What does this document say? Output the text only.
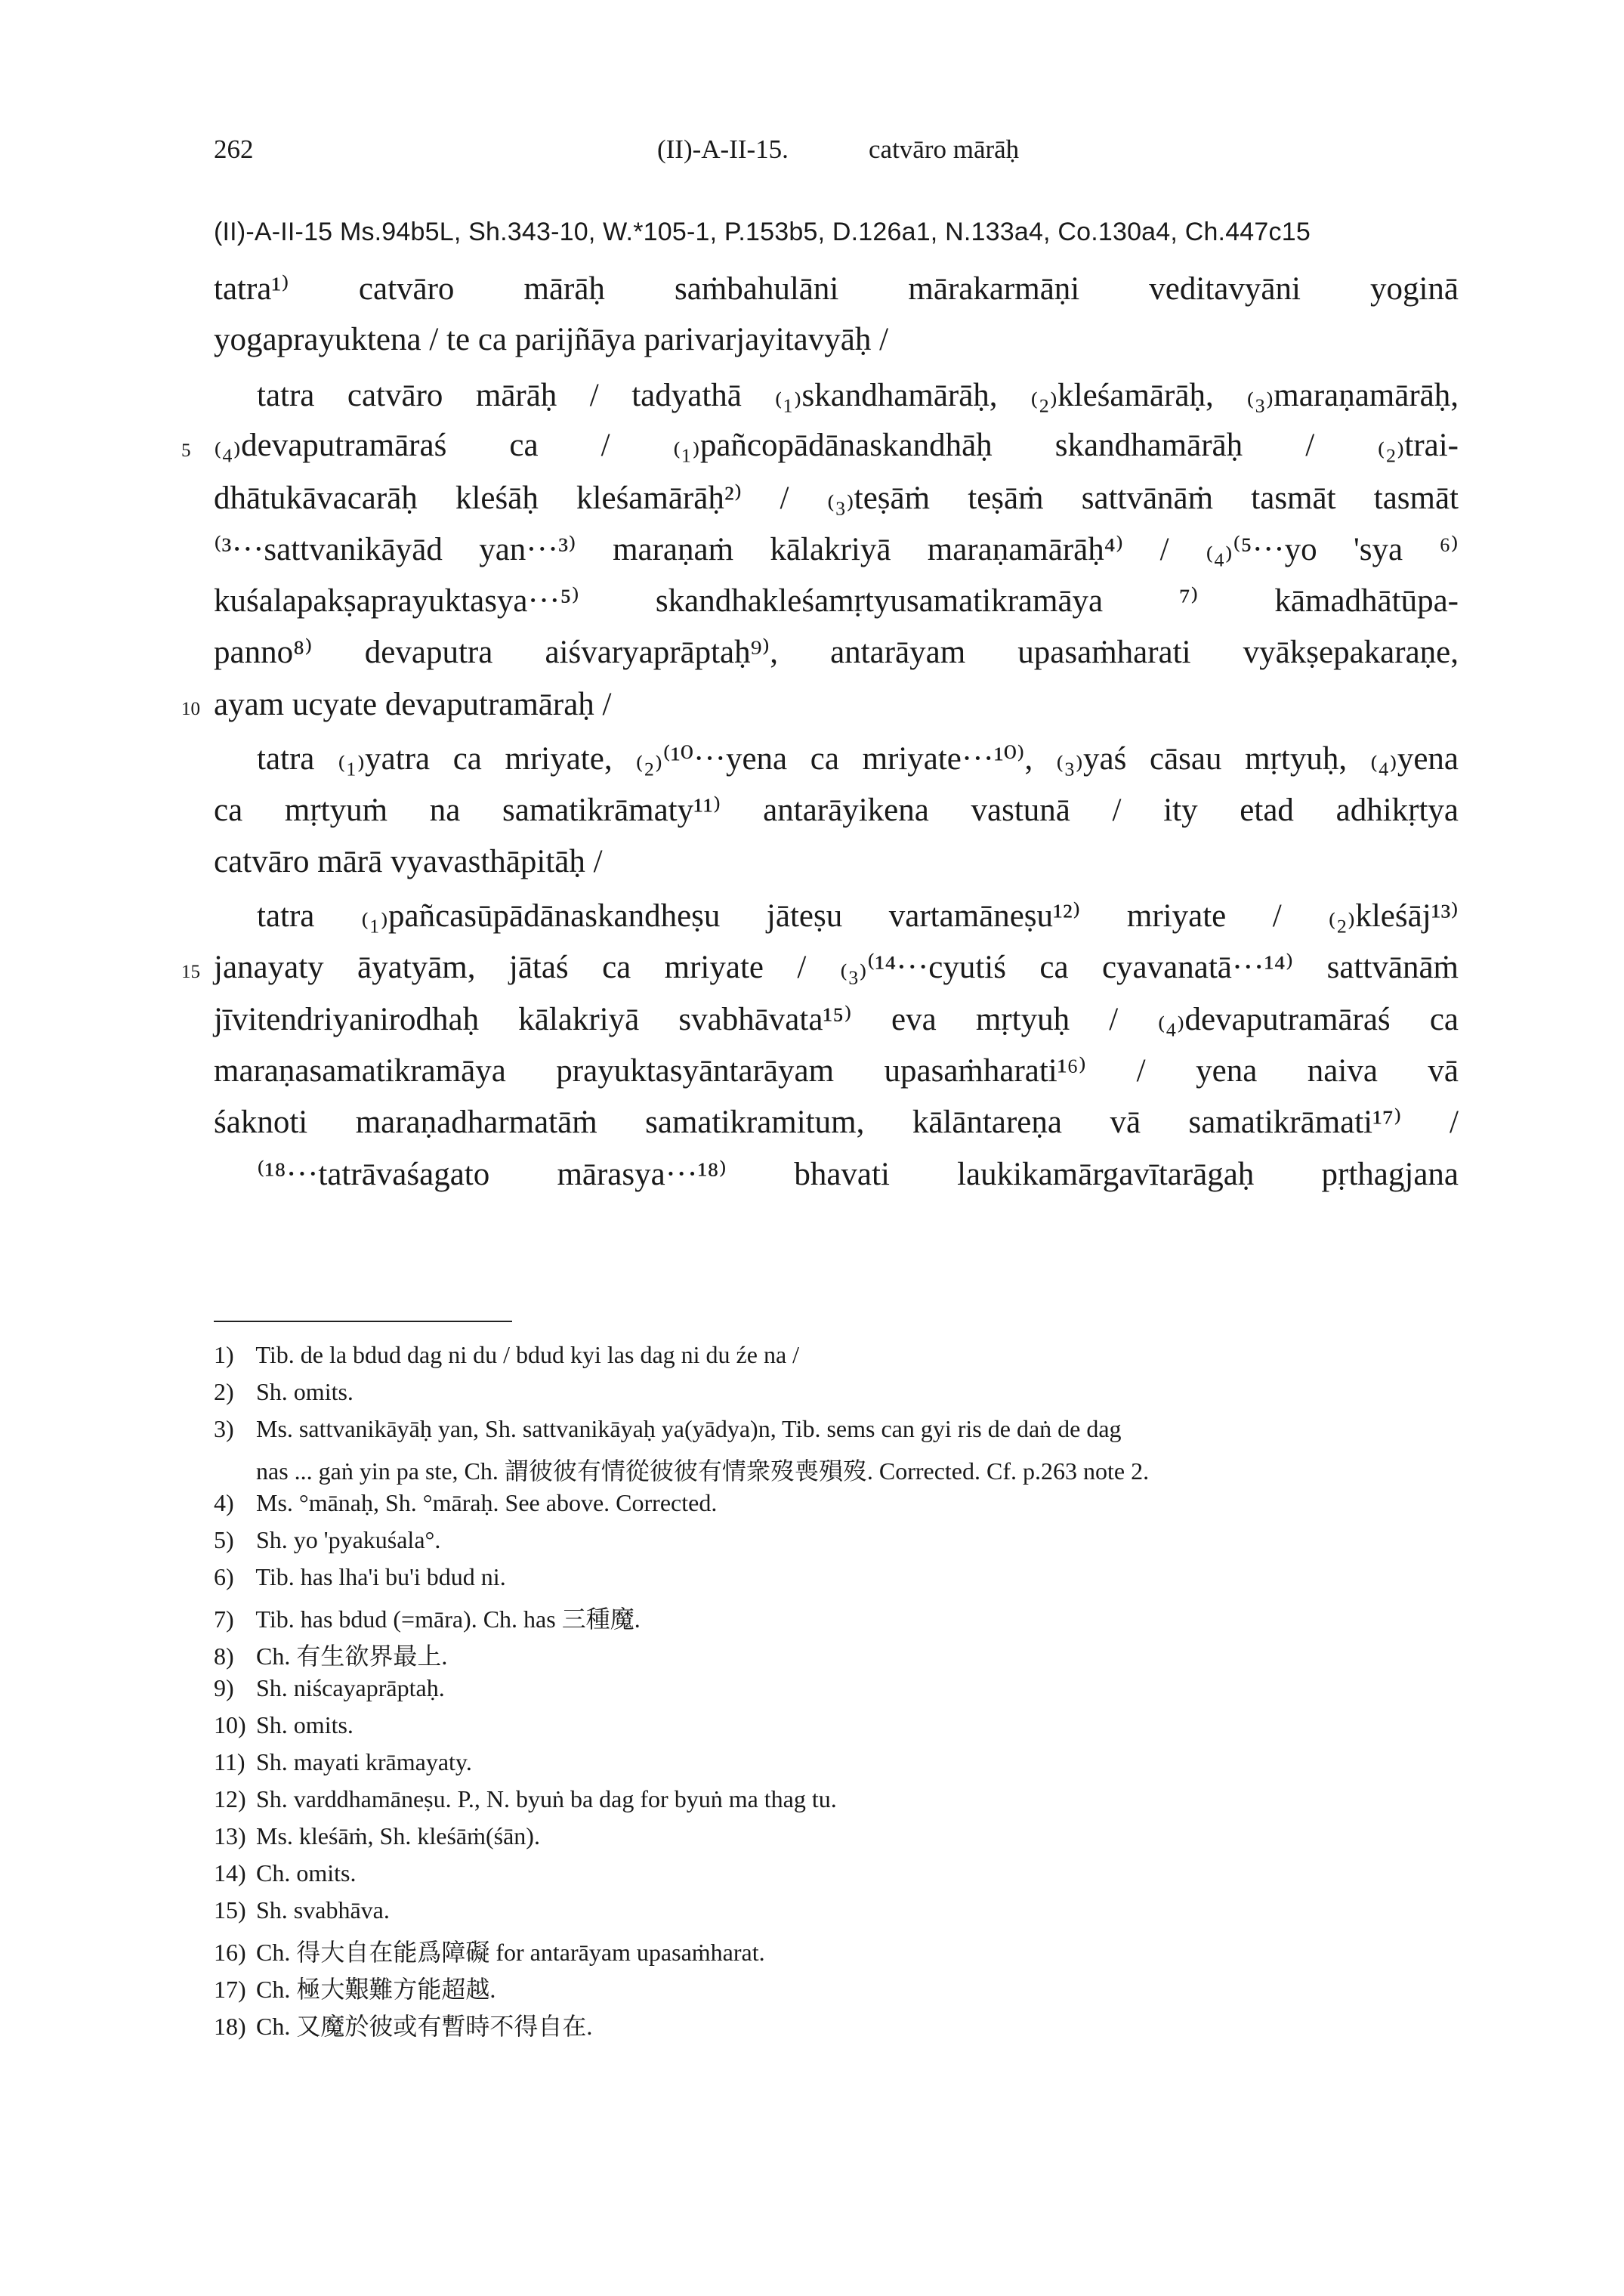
262	(II)-A-II-15.	catvāro mārāḥ
(II)-A-II-15 Ms.94b5L, Sh.343-10, W.*105-1, P.153b5, D.126a1, N.133a4, Co.130a4, Ch.447c15
tatra¹⁾ catvāro mārāḥ saṁbahulāni mārakarmāṇi veditavyāni yoginā
yogaprayuktena / te ca parijñāya parivarjayitavyāḥ /
tatra catvāro mārāḥ / tadyathā ₍₁₎skandhamārāḥ, ₍₂₎kleśamārāḥ, ₍₃₎maraṇamārāḥ,
₍₄₎devaputramāraś ca / ₍₁₎pañcopādānaskandhāḥ skandhamārāḥ / ₍₂₎trai-
dhātukāvacarāḥ kleśāḥ kleśamārāḥ²⁾ / ₍₃₎teṣāṁ teṣāṁ sattvānāṁ tasmāt tasmāt
⁽³···sattvanikāyād yan···³⁾ maraṇaṁ kālakriyā maraṇamārāḥ⁴⁾ / ₍₄₎⁽⁵···yo 'sya ⁶⁾
kuśalapakṣaprayuktasya···⁵⁾ skandhakleśamṛtyusamatikramāya ⁷⁾ kāmadhātūpa-
panno⁸⁾ devaputra aiśvaryaprāptaḥ⁹⁾, antarāyam upasaṁharati vyākṣepakaraṇe,
ayam ucyate devaputramāraḥ /
tatra ₍₁₎yatra ca mriyate, ₍₂₎⁽¹⁰···yena ca mriyate···¹⁰⁾, ₍₃₎yaś cāsau mṛtyuḥ, ₍₄₎yena
ca mṛtyuṁ na samatikrāmaty¹¹⁾ antarāyikena vastunā / ity etad adhikṛtya
catvāro mārā vyavasthāpitāḥ /
tatra ₍₁₎pañcasūpādānaskandheṣu jāteṣu vartamāneṣu¹²⁾ mriyate / ₍₂₎kleśāj¹³⁾
janayaty āyatyām, jātaś ca mriyate / ₍₃₎⁽¹⁴···cyutiś ca cyavanatā···¹⁴⁾ sattvānāṁ
jīvitendriyanirodhaḥ kālakriyā svabhāvata¹⁵⁾ eva mṛtyuḥ / ₍₄₎devaputramāraś ca
maraṇasamatikramāya prayuktasyāntarāyam upasaṁharati¹⁶⁾ / yena naiva vā
śaknoti maraṇadharmatāṁ samatikramitum, kālāntareṇa vā samatikrāmati¹⁷⁾ /
⁽¹⁸···tatrāvaśagato mārasya···¹⁸⁾ bhavati laukikamārgavītarāgaḥ pṛthagjana
5
10
15
1) Tib. de la bdud dag ni du / bdud kyi las dag ni du źe na /
2) Sh. omits.
3) Ms. sattvanikāyāḥ yan, Sh. sattvanikāyaḥ ya(yādya)n, Tib. sems can gyi ris de daṅ de dag
nas ... gaṅ yin pa ste, Ch. 謂彼彼有情從彼彼有情衆歿喪殞歿. Corrected. Cf. p.263 note 2.
4) Ms. °mānaḥ, Sh. °māraḥ. See above. Corrected.
5) Sh. yo 'pyakuśala°.
6) Tib. has lha'i bu'i bdud ni.
7) Tib. has bdud (=māra). Ch. has 三種魔.
8) Ch. 有生欲界最上.
9) Sh. niścayaprāptaḥ.
10) Sh. omits.
11) Sh. mayati krāmayaty.
12) Sh. varddhamāneṣu. P., N. byuṅ ba dag for byuṅ ma thag tu.
13) Ms. kleśāṁ, Sh. kleśāṁ(śān).
14) Ch. omits.
15) Sh. svabhāva.
16) Ch. 得大自在能爲障礙 for antarāyam upasaṁharat.
17) Ch. 極大艱難方能超越.
18) Ch. 又魔於彼或有暫時不得自在.
